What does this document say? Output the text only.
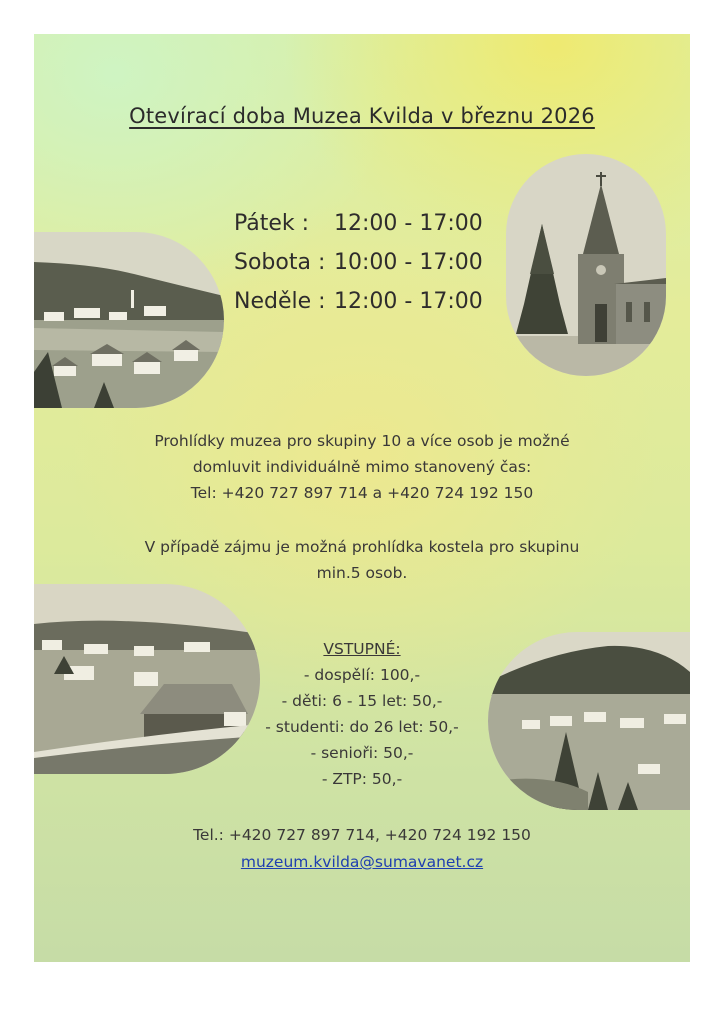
Otevírací doba Muzea Kvilda v březnu 2026
Pátek : 12:00 - 17:00
Sobota : 10:00 - 17:00
Neděle : 12:00 - 17:00

Prohlídky muzea pro skupiny 10 a více osob je možné

domluvit individuálně mimo stanovený čas:

Tel: +420 727 897 714 a +420 724 192 150

V případě zájmu je možná prohlídka kostela pro skupinu

min.5 osob.

VSTUPNÉ:
- dospělí: 100,-
- děti: 6 - 15 let: 50,-
- studenti: do 26 let: 50,-
- senioři: 50,-
- ZTP: 50,-
Tel.: +420 727 897 714, +420 724 192 150
muzeum.kvilda@sumavanet.cz
